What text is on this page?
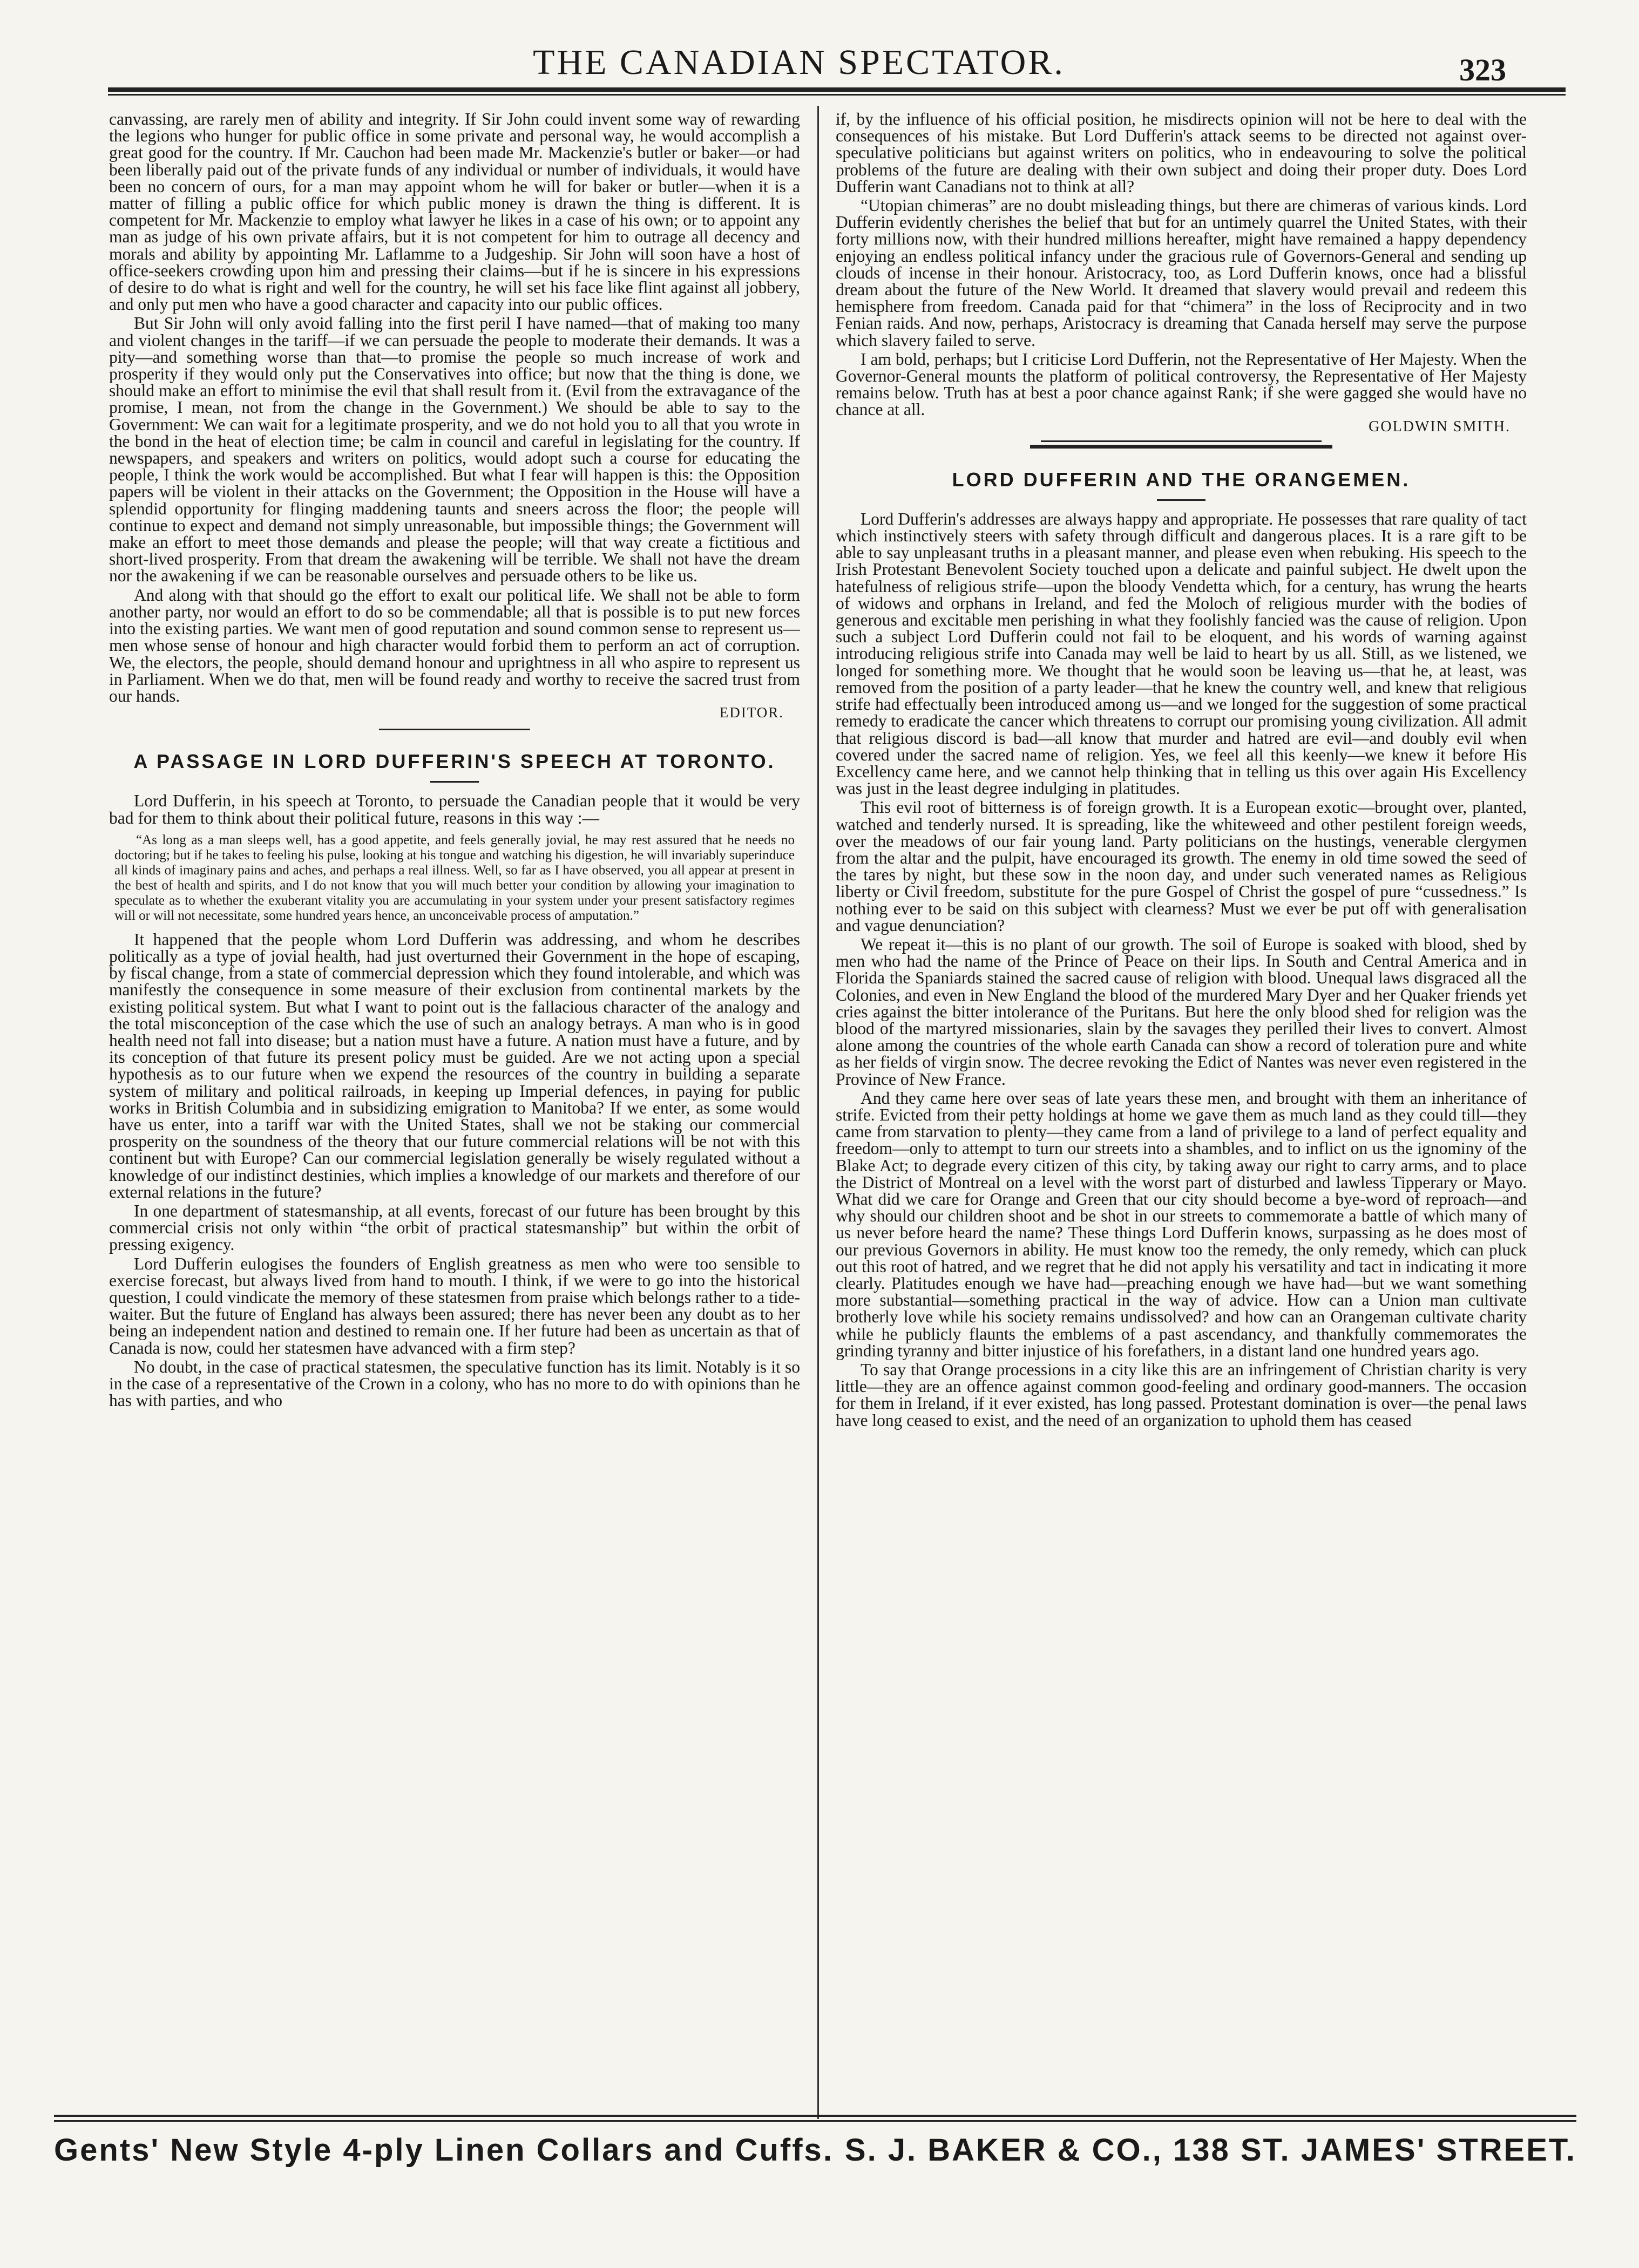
THE CANADIAN SPECTATOR.	323

canvassing, are rarely men of ability and integrity. If Sir John could invent some way of rewarding the legions who hunger for public office in some private and personal way, he would accomplish a great good for the country. If Mr. Cauchon had been made Mr. Mackenzie's butler or baker—or had been liberally paid out of the private funds of any individual or number of individuals, it would have been no concern of ours, for a man may appoint whom he will for baker or butler—when it is a matter of filling a public office for which public money is drawn the thing is different. It is competent for Mr. Mackenzie to employ what lawyer he likes in a case of his own; or to appoint any man as judge of his own private affairs, but it is not competent for him to outrage all decency and morals and ability by appointing Mr. Laflamme to a Judgeship. Sir John will soon have a host of office-seekers crowding upon him and pressing their claims—but if he is sincere in his expressions of desire to do what is right and well for the country, he will set his face like flint against all jobbery, and only put men who have a good character and capacity into our public offices.

But Sir John will only avoid falling into the first peril I have named—that of making too many and violent changes in the tariff—if we can persuade the people to moderate their demands. It was a pity—and something worse than that—to promise the people so much increase of work and prosperity if they would only put the Conservatives into office; but now that the thing is done, we should make an effort to minimise the evil that shall result from it. (Evil from the extravagance of the promise, I mean, not from the change in the Government.) We should be able to say to the Government: We can wait for a legitimate prosperity, and we do not hold you to all that you wrote in the bond in the heat of election time; be calm in council and careful in legislating for the country. If newspapers, and speakers and writers on politics, would adopt such a course for educating the people, I think the work would be accomplished. But what I fear will happen is this: the Opposition papers will be violent in their attacks on the Government; the Opposition in the House will have a splendid opportunity for flinging maddening taunts and sneers across the floor; the people will continue to expect and demand not simply unreasonable, but impossible things; the Government will make an effort to meet those demands and please the people; will that way create a fictitious and short-lived prosperity. From that dream the awakening will be terrible. We shall not have the dream nor the awakening if we can be reasonable ourselves and persuade others to be like us.

And along with that should go the effort to exalt our political life. We shall not be able to form another party, nor would an effort to do so be commendable; all that is possible is to put new forces into the existing parties. We want men of good reputation and sound common sense to represent us—men whose sense of honour and high character would forbid them to perform an act of corruption. We, the electors, the people, should demand honour and uprightness in all who aspire to represent us in Parliament. When we do that, men will be found ready and worthy to receive the sacred trust from our hands.

EDITOR.
A PASSAGE IN LORD DUFFERIN'S SPEECH AT TORONTO.

Lord Dufferin, in his speech at Toronto, to persuade the Canadian people that it would be very bad for them to think about their political future, reasons in this way :—

“As long as a man sleeps well, has a good appetite, and feels generally jovial, he may rest assured that he needs no doctoring; but if he takes to feeling his pulse, looking at his tongue and watching his digestion, he will invariably superinduce all kinds of imaginary pains and aches, and perhaps a real illness. Well, so far as I have observed, you all appear at present in the best of health and spirits, and I do not know that you will much better your condition by allowing your imagination to speculate as to whether the exuberant vitality you are accumulating in your system under your present satisfactory regimes will or will not necessitate, some hundred years hence, an unconceivable process of amputation.”

It happened that the people whom Lord Dufferin was addressing, and whom he describes politically as a type of jovial health, had just overturned their Government in the hope of escaping, by fiscal change, from a state of commercial depression which they found intolerable, and which was manifestly the consequence in some measure of their exclusion from continental markets by the existing political system. But what I want to point out is the fallacious character of the analogy and the total misconception of the case which the use of such an analogy betrays. A man who is in good health need not fall into disease; but a nation must have a future. A nation must have a future, and by its conception of that future its present policy must be guided. Are we not acting upon a special hypothesis as to our future when we expend the resources of the country in building a separate system of military and political railroads, in keeping up Imperial defences, in paying for public works in British Columbia and in subsidizing emigration to Manitoba? If we enter, as some would have us enter, into a tariff war with the United States, shall we not be staking our commercial prosperity on the soundness of the theory that our future commercial relations will be not with this continent but with Europe? Can our commercial legislation generally be wisely regulated without a knowledge of our indistinct destinies, which implies a knowledge of our markets and therefore of our external relations in the future?

In one department of statesmanship, at all events, forecast of our future has been brought by this commercial crisis not only within “the orbit of practical statesmanship” but within the orbit of pressing exigency.

Lord Dufferin eulogises the founders of English greatness as men who were too sensible to exercise forecast, but always lived from hand to mouth. I think, if we were to go into the historical question, I could vindicate the memory of these statesmen from praise which belongs rather to a tide-waiter. But the future of England has always been assured; there has never been any doubt as to her being an independent nation and destined to remain one. If her future had been as uncertain as that of Canada is now, could her statesmen have advanced with a firm step?

No doubt, in the case of practical statesmen, the speculative function has its limit. Notably is it so in the case of a representative of the Crown in a colony, who has no more to do with opinions than he has with parties, and who

if, by the influence of his official position, he misdirects opinion will not be here to deal with the consequences of his mistake. But Lord Dufferin's attack seems to be directed not against over-speculative politicians but against writers on politics, who in endeavouring to solve the political problems of the future are dealing with their own subject and doing their proper duty. Does Lord Dufferin want Canadians not to think at all?

“Utopian chimeras” are no doubt misleading things, but there are chimeras of various kinds. Lord Dufferin evidently cherishes the belief that but for an untimely quarrel the United States, with their forty millions now, with their hundred millions hereafter, might have remained a happy dependency enjoying an endless political infancy under the gracious rule of Governors-General and sending up clouds of incense in their honour. Aristocracy, too, as Lord Dufferin knows, once had a blissful dream about the future of the New World. It dreamed that slavery would prevail and redeem this hemisphere from freedom. Canada paid for that “chimera” in the loss of Reciprocity and in two Fenian raids. And now, perhaps, Aristocracy is dreaming that Canada herself may serve the purpose which slavery failed to serve.

I am bold, perhaps; but I criticise Lord Dufferin, not the Representative of Her Majesty. When the Governor-General mounts the platform of political controversy, the Representative of Her Majesty remains below. Truth has at best a poor chance against Rank; if she were gagged she would have no chance at all.

GOLDWIN SMITH.
LORD DUFFERIN AND THE ORANGEMEN.

Lord Dufferin's addresses are always happy and appropriate. He possesses that rare quality of tact which instinctively steers with safety through difficult and dangerous places. It is a rare gift to be able to say unpleasant truths in a pleasant manner, and please even when rebuking. His speech to the Irish Protestant Benevolent Society touched upon a delicate and painful subject. He dwelt upon the hatefulness of religious strife—upon the bloody Vendetta which, for a century, has wrung the hearts of widows and orphans in Ireland, and fed the Moloch of religious murder with the bodies of generous and excitable men perishing in what they foolishly fancied was the cause of religion. Upon such a subject Lord Dufferin could not fail to be eloquent, and his words of warning against introducing religious strife into Canada may well be laid to heart by us all. Still, as we listened, we longed for something more. We thought that he would soon be leaving us—that he, at least, was removed from the position of a party leader—that he knew the country well, and knew that religious strife had effectually been introduced among us—and we longed for the suggestion of some practical remedy to eradicate the cancer which threatens to corrupt our promising young civilization. All admit that religious discord is bad—all know that murder and hatred are evil—and doubly evil when covered under the sacred name of religion. Yes, we feel all this keenly—we knew it before His Excellency came here, and we cannot help thinking that in telling us this over again His Excellency was just in the least degree indulging in platitudes.

This evil root of bitterness is of foreign growth. It is a European exotic—brought over, planted, watched and tenderly nursed. It is spreading, like the whiteweed and other pestilent foreign weeds, over the meadows of our fair young land. Party politicians on the hustings, venerable clergymen from the altar and the pulpit, have encouraged its growth. The enemy in old time sowed the seed of the tares by night, but these sow in the noon day, and under such venerated names as Religious liberty or Civil freedom, substitute for the pure Gospel of Christ the gospel of pure “cussedness.” Is nothing ever to be said on this subject with clearness? Must we ever be put off with generalisation and vague denunciation?

We repeat it—this is no plant of our growth. The soil of Europe is soaked with blood, shed by men who had the name of the Prince of Peace on their lips. In South and Central America and in Florida the Spaniards stained the sacred cause of religion with blood. Unequal laws disgraced all the Colonies, and even in New England the blood of the murdered Mary Dyer and her Quaker friends yet cries against the bitter intolerance of the Puritans. But here the only blood shed for religion was the blood of the martyred missionaries, slain by the savages they perilled their lives to convert. Almost alone among the countries of the whole earth Canada can show a record of toleration pure and white as her fields of virgin snow. The decree revoking the Edict of Nantes was never even registered in the Province of New France.

And they came here over seas of late years these men, and brought with them an inheritance of strife. Evicted from their petty holdings at home we gave them as much land as they could till—they came from starvation to plenty—they came from a land of privilege to a land of perfect equality and freedom—only to attempt to turn our streets into a shambles, and to inflict on us the ignominy of the Blake Act; to degrade every citizen of this city, by taking away our right to carry arms, and to place the District of Montreal on a level with the worst part of disturbed and lawless Tipperary or Mayo. What did we care for Orange and Green that our city should become a bye-word of reproach—and why should our children shoot and be shot in our streets to commemorate a battle of which many of us never before heard the name? These things Lord Dufferin knows, surpassing as he does most of our previous Governors in ability. He must know too the remedy, the only remedy, which can pluck out this root of hatred, and we regret that he did not apply his versatility and tact in indicating it more clearly. Platitudes enough we have had—preaching enough we have had—but we want something more substantial—something practical in the way of advice. How can a Union man cultivate brotherly love while his society remains undissolved? and how can an Orangeman cultivate charity while he publicly flaunts the emblems of a past ascendancy, and thankfully commemorates the grinding tyranny and bitter injustice of his forefathers, in a distant land one hundred years ago.

To say that Orange processions in a city like this are an infringement of Christian charity is very little—they are an offence against common good-feeling and ordinary good-manners. The occasion for them in Ireland, if it ever existed, has long passed. Protestant domination is over—the penal laws have long ceased to exist, and the need of an organization to uphold them has ceased

Gents' New Style 4-ply Linen Collars and Cuffs. S. J. BAKER & CO., 138 ST. JAMES' STREET.
